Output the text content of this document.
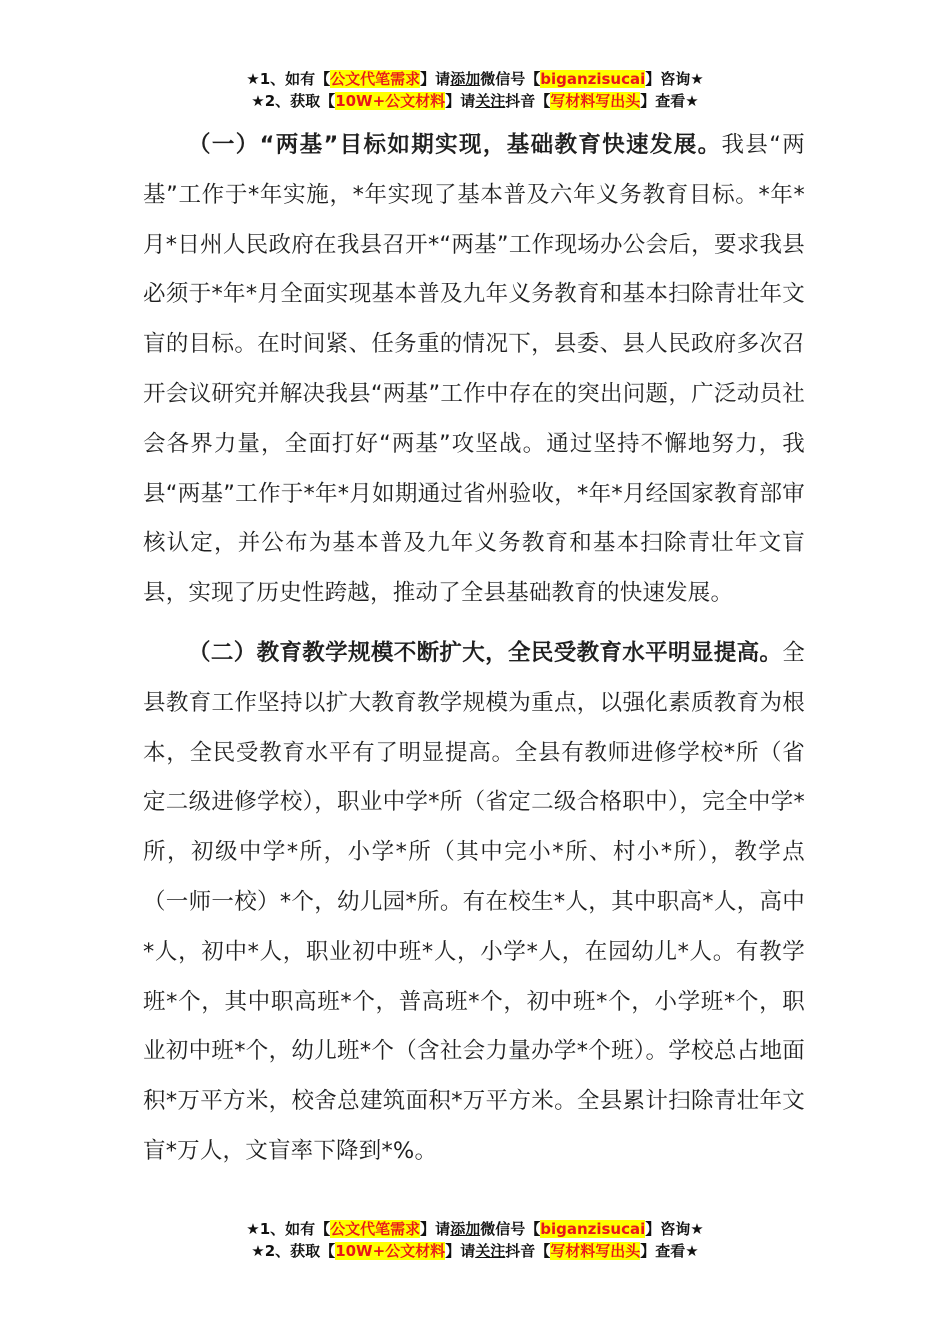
★1、如有【公文代笔需求】请添加微信号【biganzisucai】咨询★
★2、获取【10W+公文材料】请关注抖音【写材料写出头】查看★

（一）“两基”目标如期实现，基础教育快速发展。我县“两基”工作于*年实施，*年实现了基本普及六年义务教育目标。*年*月*日州人民政府在我县召开*“两基”工作现场办公会后，要求我县必须于*年*月全面实现基本普及九年义务教育和基本扫除青壮年文盲的目标。在时间紧、任务重的情况下，县委、县人民政府多次召开会议研究并解决我县“两基”工作中存在的突出问题，广泛动员社会各界力量，全面打好“两基”攻坚战。通过坚持不懈地努力，我县“两基”工作于*年*月如期通过省州验收，*年*月经国家教育部审核认定，并公布为基本普及九年义务教育和基本扫除青壮年文盲县，实现了历史性跨越，推动了全县基础教育的快速发展。

（二）教育教学规模不断扩大，全民受教育水平明显提高。全县教育工作坚持以扩大教育教学规模为重点，以强化素质教育为根本，全民受教育水平有了明显提高。全县有教师进修学校*所（省定二级进修学校），职业中学*所（省定二级合格职中），完全中学*所，初级中学*所，小学*所（其中完小*所、村小*所），教学点（一师一校）*个，幼儿园*所。有在校生*人，其中职高*人，高中*人，初中*人，职业初中班*人，小学*人，在园幼儿*人。有教学班*个，其中职高班*个，普高班*个，初中班*个，小学班*个，职业初中班*个，幼儿班*个（含社会力量办学*个班）。学校总占地面积*万平方米，校舍总建筑面积*万平方米。全县累计扫除青壮年文盲*万人，文盲率下降到*%。

★1、如有【公文代笔需求】请添加微信号【biganzisucai】咨询★
★2、获取【10W+公文材料】请关注抖音【写材料写出头】查看★
